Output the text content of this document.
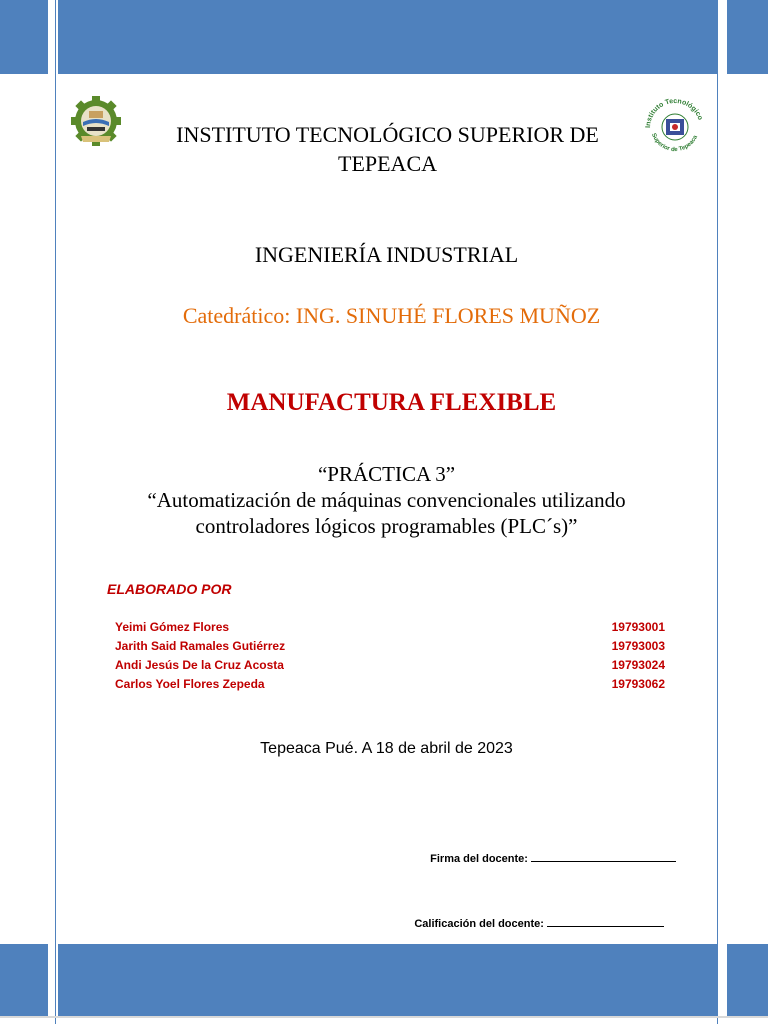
Instituto Tecnológico
Superior de Tepeaca
INSTITUTO TECNOLÓGICO SUPERIOR DE TEPEACA
INGENIERÍA INDUSTRIAL
Catedrático: ING. SINUHÉ FLORES MUÑOZ
MANUFACTURA FLEXIBLE
“PRÁCTICA 3”
“Automatización de máquinas convencionales utilizando controladores lógicos programables (PLC´s)”
ELABORADO POR
Yeimi Gómez Flores	19793001
Jarith Said Ramales Gutiérrez	19793003
Andi Jesús De la Cruz Acosta	19793024
Carlos Yoel Flores Zepeda	19793062
Tepeaca Pué. A 18 de abril de 2023
Firma del docente:
Calificación del docente:
